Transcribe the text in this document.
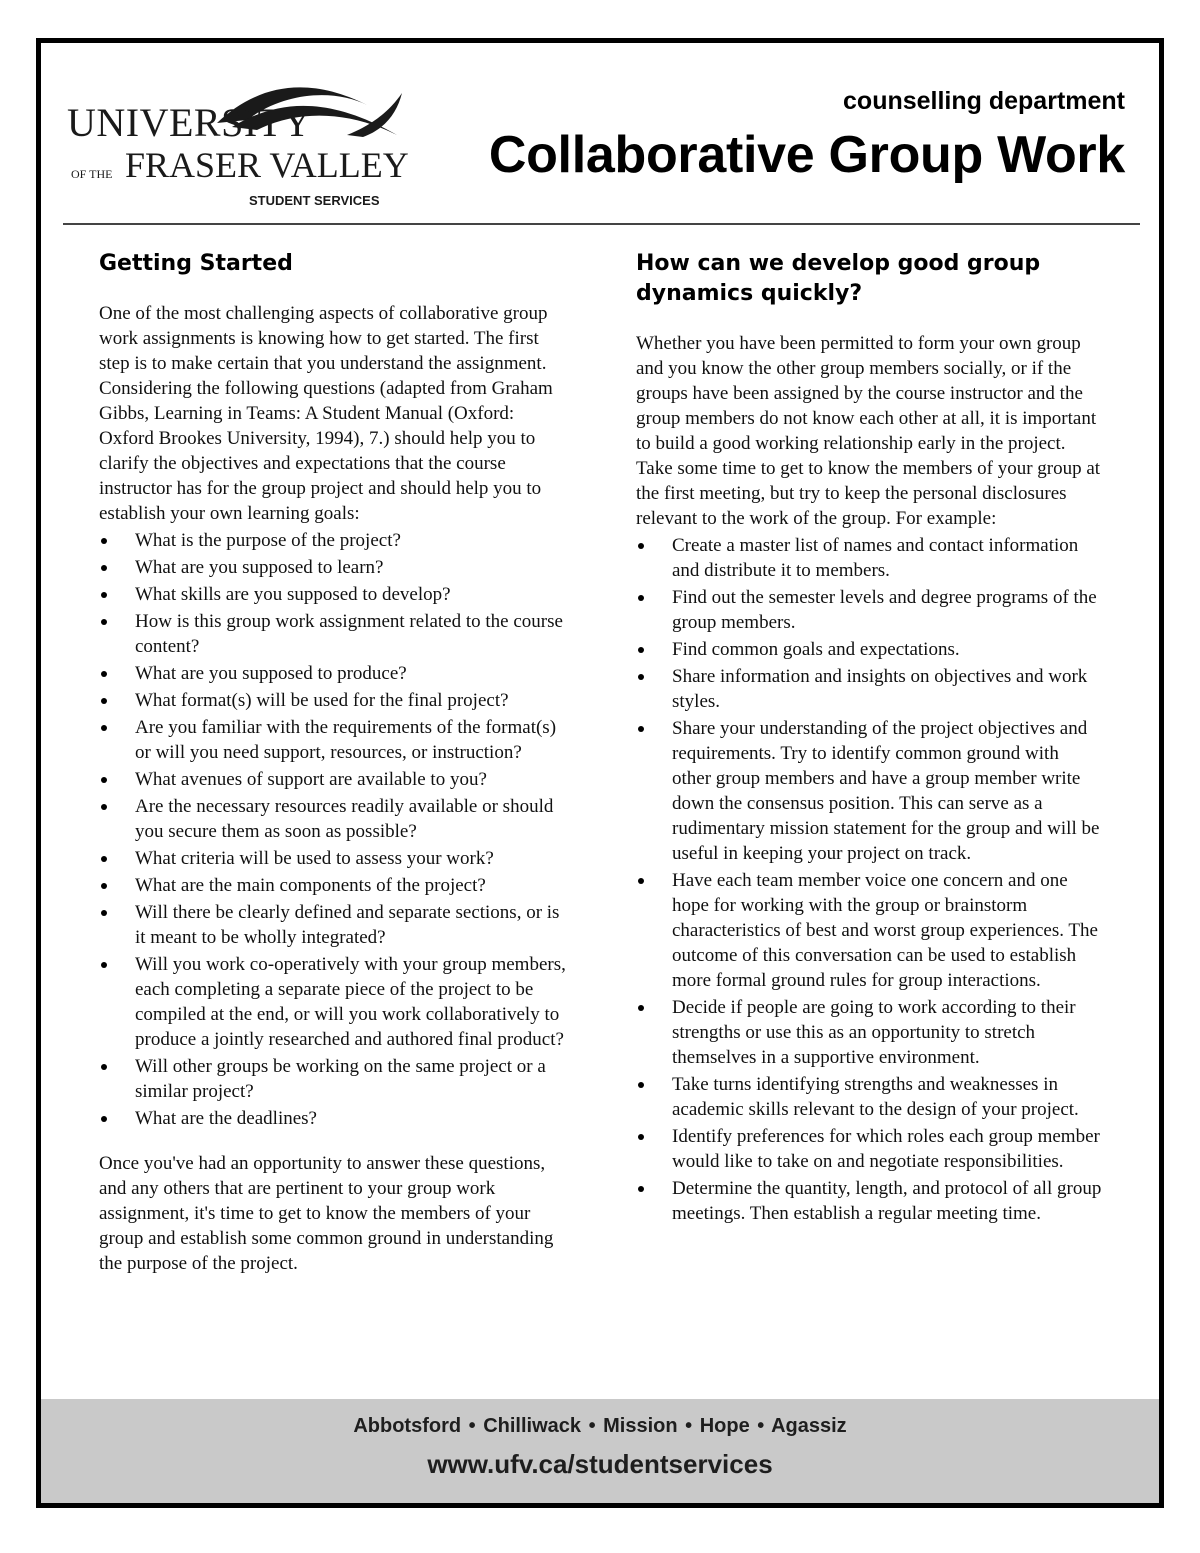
UNIVERSITY
OF THE FRASER VALLEY
STUDENT SERVICES
counselling department
Collaborative Group Work
Getting Started

One of the most challenging aspects of collaborative group work assignments is knowing how to get started. The first step is to make certain that you understand the assignment. Considering the following questions (adapted from Graham Gibbs, Learning in Teams: A Student Manual (Oxford: Oxford Brookes University, 1994), 7.) should help you to clarify the objectives and expectations that the course instructor has for the group project and should help you to establish your own learning goals:

What is the purpose of the project?
What are you supposed to learn?
What skills are you supposed to develop?
How is this group work assignment related to the course content?
What are you supposed to produce?
What format(s) will be used for the final project?
Are you familiar with the requirements of the format(s) or will you need support, resources, or instruction?
What avenues of support are available to you?
Are the necessary resources readily available or should you secure them as soon as possible?
What criteria will be used to assess your work?
What are the main components of the project?
Will there be clearly defined and separate sections, or is it meant to be wholly integrated?
Will you work co-operatively with your group members, each completing a separate piece of the project to be compiled at the end, or will you work collaboratively to produce a jointly researched and authored final product?
Will other groups be working on the same project or a similar project?
What are the deadlines?

Once you've had an opportunity to answer these questions, and any others that are pertinent to your group work assignment, it's time to get to know the members of your group and establish some common ground in understanding the purpose of the project.

How can we develop good group dynamics quickly?

Whether you have been permitted to form your own group and you know the other group members socially, or if the groups have been assigned by the course instructor and the group members do not know each other at all, it is important to build a good working relationship early in the project. Take some time to get to know the members of your group at the first meeting, but try to keep the personal disclosures relevant to the work of the group. For example:

Create a master list of names and contact information and distribute it to members.
Find out the semester levels and degree programs of the group members.
Find common goals and expectations.
Share information and insights on objectives and work styles.
Share your understanding of the project objectives and requirements. Try to identify common ground with other group members and have a group member write down the consensus position. This can serve as a rudimentary mission statement for the group and will be useful in keeping your project on track.
Have each team member voice one concern and one hope for working with the group or brainstorm characteristics of best and worst group experiences. The outcome of this conversation can be used to establish more formal ground rules for group interactions.
Decide if people are going to work according to their strengths or use this as an opportunity to stretch themselves in a supportive environment.
Take turns identifying strengths and weaknesses in academic skills relevant to the design of your project.
Identify preferences for which roles each group member would like to take on and negotiate responsibilities.
Determine the quantity, length, and protocol of all group meetings. Then establish a regular meeting time.
Abbotsford • Chilliwack • Mission • Hope • Agassiz
www.ufv.ca/studentservices
